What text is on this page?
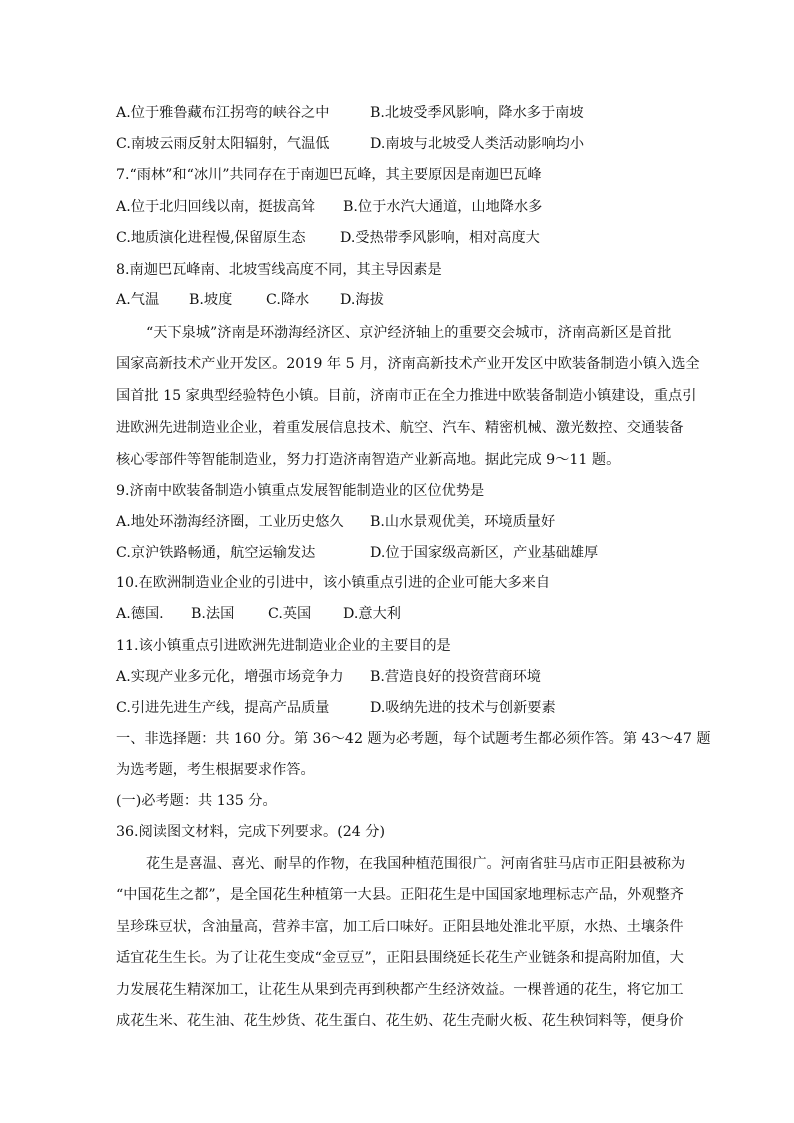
A.位于雅鲁藏布江拐弯的峡谷之中	B.北坡受季风影响，降水多于南坡
C.南坡云雨反射太阳辐射，气温低	D.南坡与北坡受人类活动影响均小
7.“雨林”和“冰川”共同存在于南迦巴瓦峰，其主要原因是南迦巴瓦峰
A.位于北归回线以南，挺拔高耸 B.位于水汽大通道，山地降水多
C.地质演化进程慢,保留原生态 D.受热带季风影响，相对高度大
8.南迦巴瓦峰南、北坡雪线高度不同，其主导因素是
A.气温 B.坡度 C.降水 D.海拔
“天下泉城”济南是环渤海经济区、京沪经济轴上的重要交会城市，济南高新区是首批
国家高新技术产业开发区。2019 年 5 月，济南高新技术产业开发区中欧装备制造小镇入选全
国首批 15 家典型经验特色小镇。目前，济南市正在全力推进中欧装备制造小镇建设，重点引
进欧洲先进制造业企业，着重发展信息技术、航空、汽车、精密机械、激光数控、交通装备
核心零部件等智能制造业，努力打造济南智造产业新高地。据此完成 9～11 题。
9.济南中欧装备制造小镇重点发展智能制造业的区位优势是
A.地处环渤海经济圈，工业历史悠久 B.山水景观优美，环境质量好
C.京沪铁路畅通，航空运输发达	D.位于国家级高新区，产业基础雄厚
10.在欧洲制造业企业的引进中，该小镇重点引进的企业可能大多来自
A.德国. B.法国 C.英国 D.意大利
11.该小镇重点引进欧洲先进制造业企业的主要目的是
A.实现产业多元化，增强市场竞争力 B.营造良好的投资营商环境
C.引进先进生产线，提高产品质量	D.吸纳先进的技术与创新要素
一、非选择题：共 160 分。第 36～42 题为必考题，每个试题考生都必须作答。第 43～47 题
为选考题，考生根据要求作答。
(一)必考题：共 135 分。
36.阅读图文材料，完成下列要求。(24 分)
花生是喜温、喜光、耐旱的作物，在我国种植范围很广。河南省驻马店市正阳县被称为
“中国花生之都”，是全国花生种植第一大县。正阳花生是中国国家地理标志产品，外观整齐
呈珍珠豆状，含油量高，营养丰富，加工后口味好。正阳县地处淮北平原，水热、土壤条件
适宜花生生长。为了让花生变成“金豆豆”，正阳县围绕延长花生产业链条和提高附加值，大
力发展花生精深加工，让花生从果到壳再到秧都产生经济效益。一棵普通的花生，将它加工
成花生米、花生油、花生炒货、花生蛋白、花生奶、花生壳耐火板、花生秧饲料等，便身价
